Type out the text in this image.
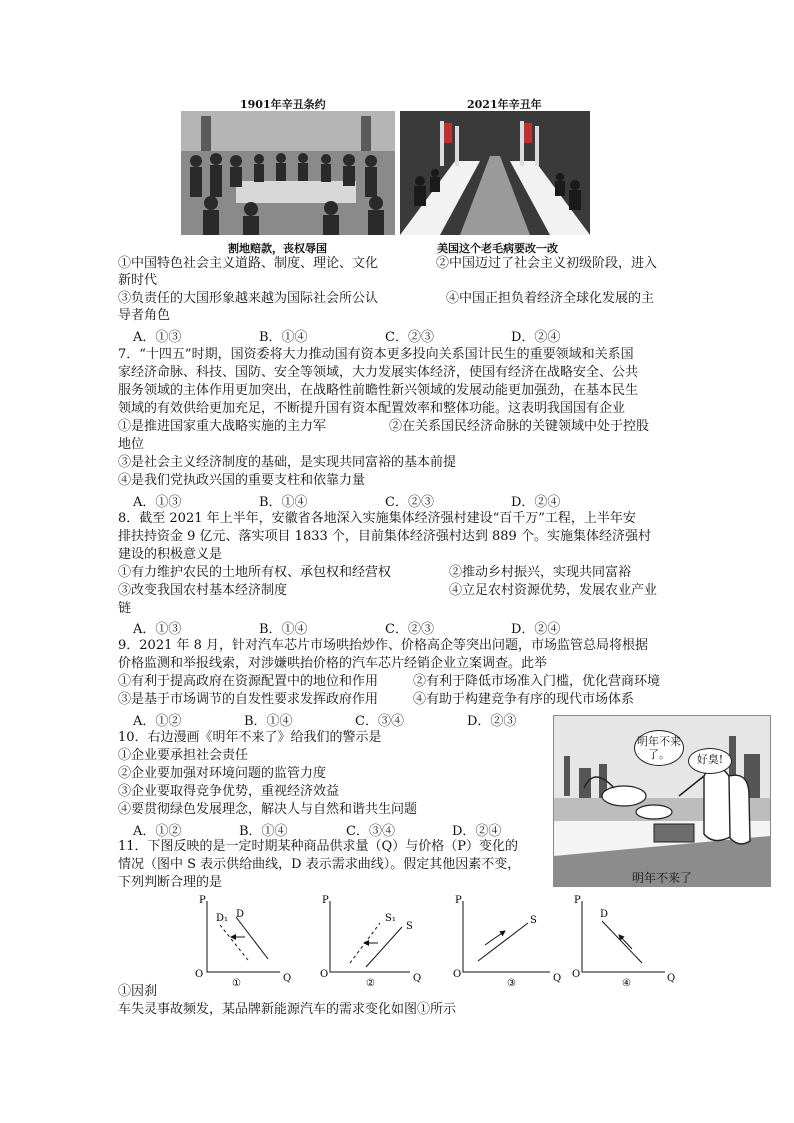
1901年辛丑条约	2021年辛丑年
割地赔款，丧权辱国	美国这个老毛病要改一改
①中国特色社会主义道路、制度、理论、文化	②中国迈过了社会主义初级阶段，进入
新时代
③负责任的大国形象越来越为国际社会所公认	④中国正担负着经济全球化发展的主
导者角色
A．①③	B．①④	C．②③	D．②④
7．“十四五”时期，国资委将大力推动国有资本更多投向关系国计民生的重要领域和关系国
家经济命脉、科技、国防、安全等领域，大力发展实体经济，使国有经济在战略安全、公共
服务领域的主体作用更加突出，在战略性前瞻性新兴领域的发展动能更加强劲，在基本民生
领域的有效供给更加充足，不断提升国有资本配置效率和整体功能。这表明我国国有企业
①是推进国家重大战略实施的主力军	②在关系国民经济命脉的关键领域中处于控股
地位
③是社会主义经济制度的基础，是实现共同富裕的基本前提
④是我们党执政兴国的重要支柱和依靠力量
A．①③	B．①④	C．②③	D．②④
8．截至 2021 年上半年，安徽省各地深入实施集体经济强村建设“百千万”工程，上半年安
排扶持资金 9 亿元、落实项目 1833 个，目前集体经济强村达到 889 个。实施集体经济强村
建设的积极意义是
①有力维护农民的土地所有权、承包权和经营权	②推动乡村振兴，实现共同富裕
③改变我国农村基本经济制度	④立足农村资源优势，发展农业产业
链
A．①③	B．①④	C．②③	D．②④
9．2021 年 8 月，针对汽车芯片市场哄抬炒作、价格高企等突出问题，市场监管总局将根据
价格监测和举报线索，对涉嫌哄抬价格的汽车芯片经销企业立案调查。此举
①有利于提高政府在资源配置中的地位和作用	②有利于降低市场准入门槛，优化营商环境
③是基于市场调节的自发性要求发挥政府作用	④有助于构建竞争有序的现代市场体系
A．①②	B．①④	C．③④	D．②③
10．右边漫画《明年不来了》给我们的警示是
①企业要承担社会责任
②企业要加强对环境问题的监管力度
③企业要取得竞争优势，重视经济效益
④要贯彻绿色发展理念，解决人与自然和谐共生问题
A．①②	B．①④	C．③④	D．②④
明年不来了。	好臭!
明年不来了
11．下图反映的是一定时期某种商品供求量（Q）与价格（P）变化的
情况（图中 S 表示供给曲线，D 表示需求曲线）。假定其他因素不变，
下列判断合理的是
P
O	Q
D₁ D
①
P
O	Q
S₁
S
②
P
O	Q
S
③
P
O	Q
D
④
①因刹
车失灵事故频发，某品牌新能源汽车的需求变化如图①所示
